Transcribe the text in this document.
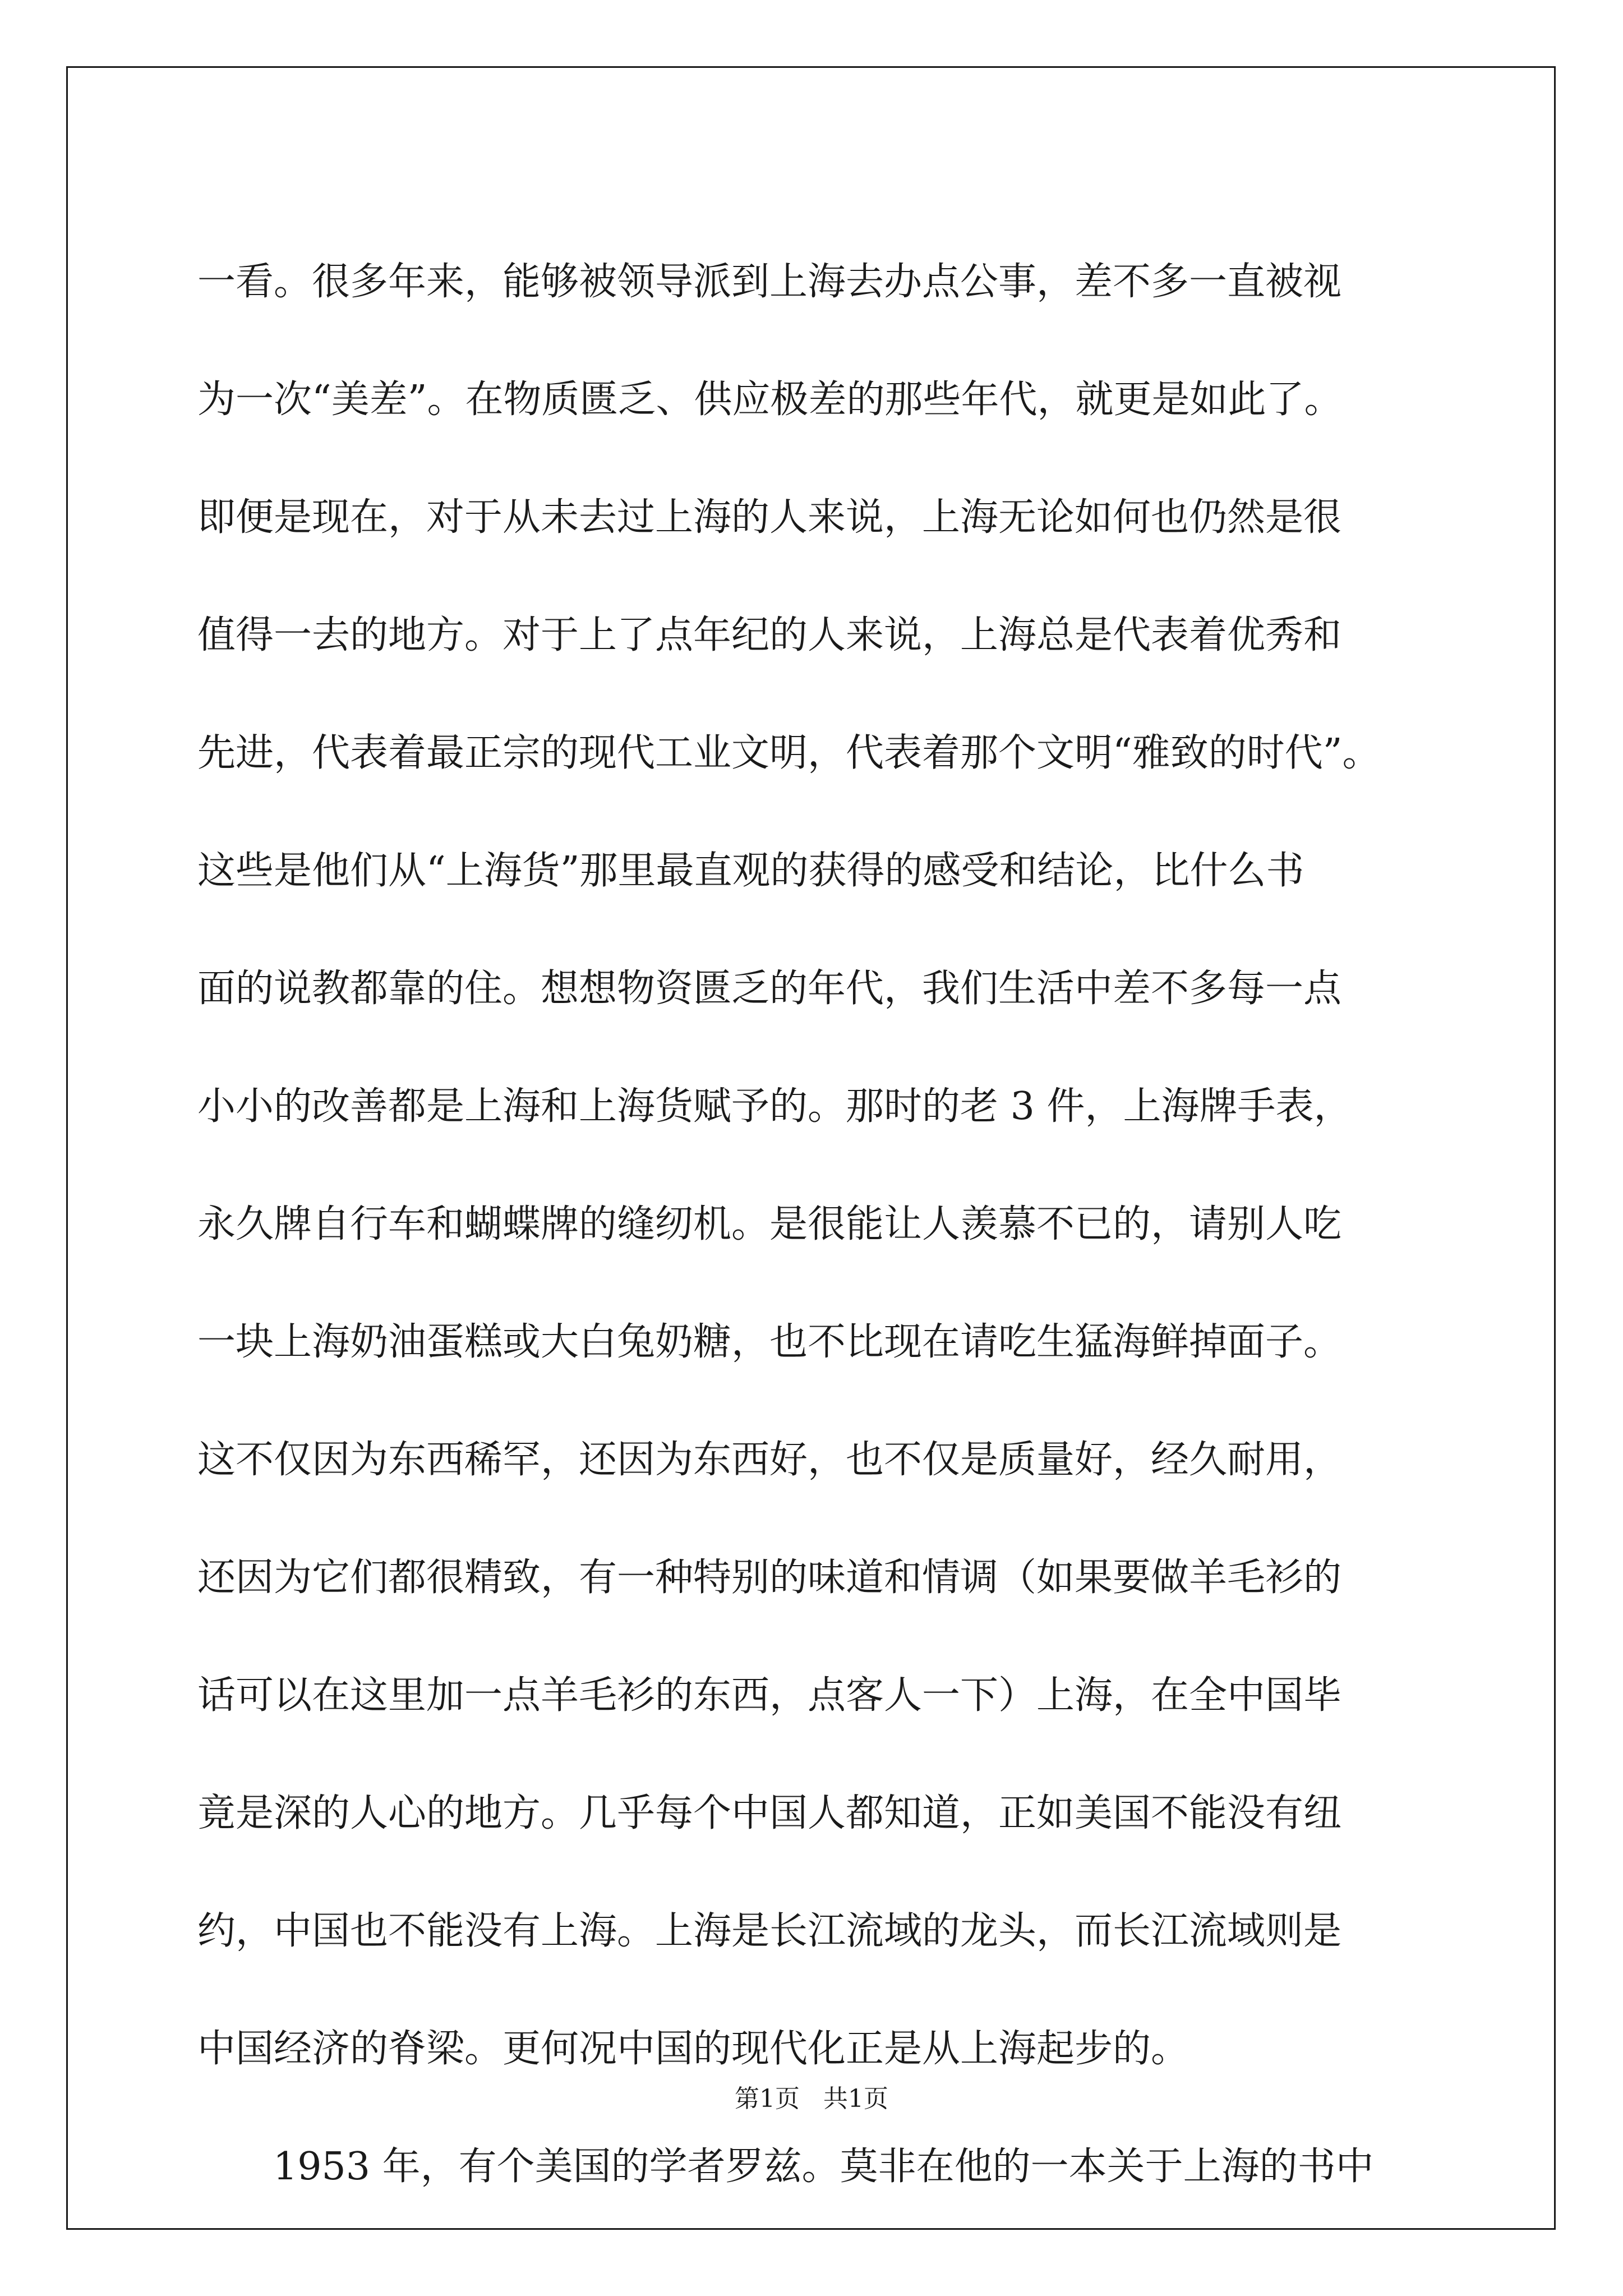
一看。很多年来，能够被领导派到上海去办点公事，差不多一直被视
为一次“美差”。在物质匮乏、供应极差的那些年代，就更是如此了。
即便是现在，对于从未去过上海的人来说，上海无论如何也仍然是很
值得一去的地方。对于上了点年纪的人来说，上海总是代表着优秀和
先进，代表着最正宗的现代工业文明，代表着那个文明“雅致的时代”。
这些是他们从“上海货”那里最直观的获得的感受和结论，比什么书
面的说教都靠的住。想想物资匮乏的年代，我们生活中差不多每一点
小小的改善都是上海和上海货赋予的。那时的老 3 件，上海牌手表，
永久牌自行车和蝴蝶牌的缝纫机。是很能让人羡慕不已的，请别人吃
一块上海奶油蛋糕或大白兔奶糖，也不比现在请吃生猛海鲜掉面子。
这不仅因为东西稀罕，还因为东西好，也不仅是质量好，经久耐用，
还因为它们都很精致，有一种特别的味道和情调（如果要做羊毛衫的
话可以在这里加一点羊毛衫的东西，点客人一下）上海，在全中国毕
竟是深的人心的地方。几乎每个中国人都知道，正如美国不能没有纽
约，中国也不能没有上海。上海是长江流域的龙头，而长江流域则是
中国经济的脊梁。更何况中国的现代化正是从上海起步的。
1953 年，有个美国的学者罗兹。莫非在他的一本关于上海的书中
第1页   共1页
